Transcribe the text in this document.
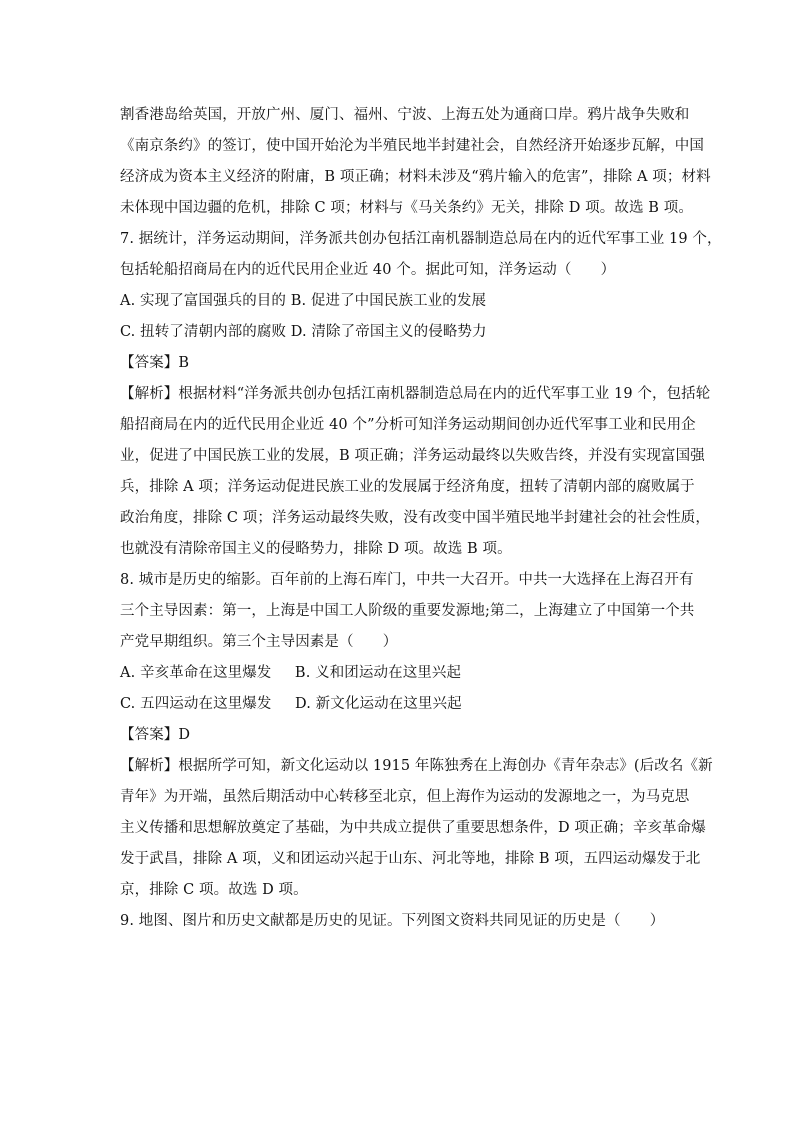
割香港岛给英国，开放广州、厦门、福州、宁波、上海五处为通商口岸。鸦片战争失败和

《南京条约》的签订，使中国开始沦为半殖民地半封建社会，自然经济开始逐步瓦解，中国

经济成为资本主义经济的附庸，B 项正确；材料未涉及“鸦片输入的危害”，排除 A 项；材料

未体现中国边疆的危机，排除 C 项；材料与《马关条约》无关，排除 D 项。故选 B 项。

7. 据统计，洋务运动期间，洋务派共创办包括江南机器制造总局在内的近代军事工业 19 个，

包括轮船招商局在内的近代民用企业近 40 个。据此可知，洋务运动（　　）

A. 实现了富国强兵的目的 B. 促进了中国民族工业的发展

C. 扭转了清朝内部的腐败 D. 清除了帝国主义的侵略势力

【答案】B

【解析】根据材料“洋务派共创办包括江南机器制造总局在内的近代军事工业 19 个，包括轮

船招商局在内的近代民用企业近 40 个”分析可知洋务运动期间创办近代军事工业和民用企

业，促进了中国民族工业的发展，B 项正确；洋务运动最终以失败告终，并没有实现富国强

兵，排除 A 项；洋务运动促进民族工业的发展属于经济角度，扭转了清朝内部的腐败属于

政治角度，排除 C 项；洋务运动最终失败，没有改变中国半殖民地半封建社会的社会性质，

也就没有清除帝国主义的侵略势力，排除 D 项。故选 B 项。

8. 城市是历史的缩影。百年前的上海石库门，中共一大召开。中共一大选择在上海召开有

三个主导因素：第一，上海是中国工人阶级的重要发源地;第二，上海建立了中国第一个共

产党早期组织。第三个主导因素是（　　）

A. 辛亥革命在这里爆发     B. 义和团运动在这里兴起

C. 五四运动在这里爆发     D. 新文化运动在这里兴起

【答案】D

【解析】根据所学可知，新文化运动以 1915 年陈独秀在上海创办《青年杂志》(后改名《新

青年》为开端，虽然后期活动中心转移至北京，但上海作为运动的发源地之一，为马克思

主义传播和思想解放奠定了基础，为中共成立提供了重要思想条件，D 项正确；辛亥革命爆

发于武昌，排除 A 项，义和团运动兴起于山东、河北等地，排除 B 项，五四运动爆发于北

京，排除 C 项。故选 D 项。

9. 地图、图片和历史文献都是历史的见证。下列图文资料共同见证的历史是（　　）
